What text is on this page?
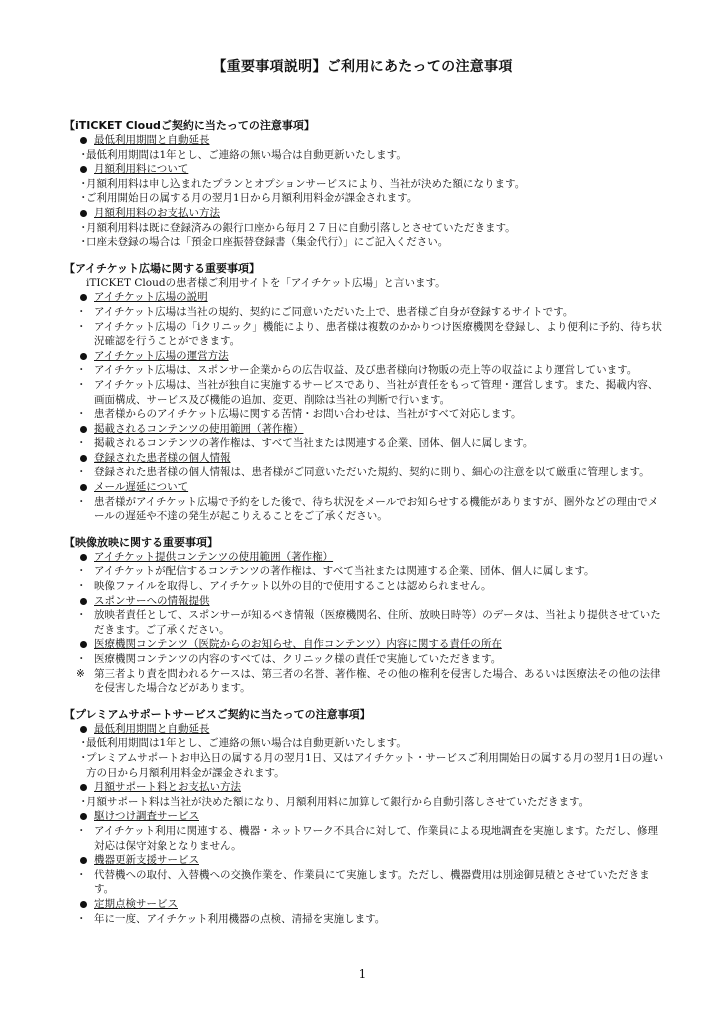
【重要事項説明】ご利用にあたっての注意事項
【iTICKET Cloudご契約に当たっての注意事項】
最低利用期間と自動延長
・ 最低利用期間は1年とし、ご連絡の無い場合は自動更新いたします。
月額利用料について
・ 月額利用料は申し込まれたプランとオプションサービスにより、当社が決めた額になります。
・ ご利用開始日の属する月の翌月1日から月額利用料金が課金されます。
月額利用料のお支払い方法
・ 月額利用料は既に登録済みの銀行口座から毎月２７日に自動引落しとさせていただきます。
・ 口座未登録の場合は「預金口座振替登録書（集金代行）」にご記入ください。
【アイチケット広場に関する重要事項】
iTICKET Cloudの患者様ご利用サイトを「アイチケット広場」と言います。
アイチケット広場の説明
・ アイチケット広場は当社の規約、契約にご同意いただいた上で、患者様ご自身が登録するサイトです。
・ アイチケット広場の「iクリニック」機能により、患者様は複数のかかりつけ医療機関を登録し、より便利に予約、待ち状況確認を行うことができます。
アイチケット広場の運営方法
・ アイチケット広場は、スポンサー企業からの広告収益、及び患者様向け物販の売上等の収益により運営しています。
・ アイチケット広場は、当社が独自に実施するサービスであり、当社が責任をもって管理・運営します。また、掲載内容、画面構成、サービス及び機能の追加、変更、削除は当社の判断で行います。
・ 患者様からのアイチケット広場に関する苦情・お問い合わせは、当社がすべて対応します。
掲載されるコンテンツの使用範囲（著作権）
・ 掲載されるコンテンツの著作権は、すべて当社または関連する企業、団体、個人に属します。
登録された患者様の個人情報
・ 登録された患者様の個人情報は、患者様がご同意いただいた規約、契約に則り、細心の注意を以て厳重に管理します。
メール遅延について
・ 患者様がアイチケット広場で予約をした後で、待ち状況をメールでお知らせする機能がありますが、圏外などの理由でメールの遅延や不達の発生が起こりえることをご了承ください。
【映像放映に関する重要事項】
アイチケット提供コンテンツの使用範囲（著作権）
・ アイチケットが配信するコンテンツの著作権は、すべて当社または関連する企業、団体、個人に属します。
・ 映像ファイルを取得し、アイチケット以外の目的で使用することは認められません。
スポンサーへの情報提供
・ 放映者責任として、スポンサーが知るべき情報（医療機関名、住所、放映日時等）のデータは、当社より提供させていただきます。ご了承ください。
医療機関コンテンツ（医院からのお知らせ、自作コンテンツ）内容に関する責任の所在
・ 医療機関コンテンツの内容のすべては、クリニック様の責任で実施していただきます。
※ 第三者より責を問われるケースは、第三者の名誉、著作権、その他の権利を侵害した場合、あるいは医療法その他の法律を侵害した場合などがあります。
【プレミアムサポートサービスご契約に当たっての注意事項】
最低利用期間と自動延長
・ 最低利用期間は1年とし、ご連絡の無い場合は自動更新いたします。
・ プレミアムサポートお申込日の属する月の翌月1日、又はアイチケット・サービスご利用開始日の属する月の翌月1日の遅い方の日から月額利用料金が課金されます。
月額サポート料とお支払い方法
・ 月額サポート料は当社が決めた額になり、月額利用料に加算して銀行から自動引落しさせていただきます。
駆けつけ調査サービス
・ アイチケット利用に関連する、機器・ネットワーク不具合に対して、作業員による現地調査を実施します。ただし、修理対応は保守対象となりません。
機器更新支援サービス
・ 代替機への取付、入替機への交換作業を、作業員にて実施します。ただし、機器費用は別途御見積とさせていただきます。
定期点検サービス
・ 年に一度、アイチケット利用機器の点検、清掃を実施します。
1
